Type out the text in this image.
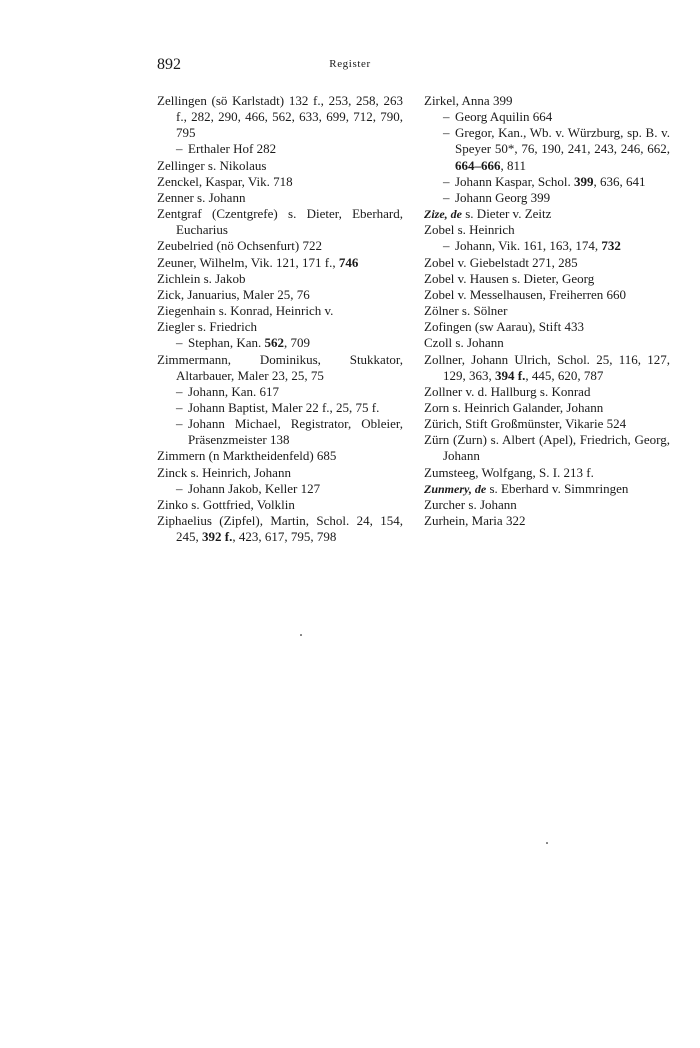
892	Register
Zellingen (sö Karlstadt) 132 f., 253, 258, 263 f., 282, 290, 466, 562, 633, 699, 712, 790, 795
– Erthaler Hof 282
Zellinger s. Nikolaus
Zenckel, Kaspar, Vik. 718
Zenner s. Johann
Zentgraf (Czentgrefe) s. Dieter, Eberhard, Eucharius
Zeubelried (nö Ochsenfurt) 722
Zeuner, Wilhelm, Vik. 121, 171 f., 746
Zichlein s. Jakob
Zick, Januarius, Maler 25, 76
Ziegenhain s. Konrad, Heinrich v.
Ziegler s. Friedrich
– Stephan, Kan. 562, 709
Zimmermann, Dominikus, Stukkator, Altarbauer, Maler 23, 25, 75
– Johann, Kan. 617
– Johann Baptist, Maler 22 f., 25, 75 f.
– Johann Michael, Registrator, Obleier, Präsenzmeister 138
Zimmern (n Marktheidenfeld) 685
Zinck s. Heinrich, Johann
– Johann Jakob, Keller 127
Zinko s. Gottfried, Volklin
Ziphaelius (Zipfel), Martin, Schol. 24, 154, 245, 392 f., 423, 617, 795, 798
Zirkel, Anna 399
– Georg Aquilin 664
– Gregor, Kan., Wb. v. Würzburg, sp. B. v. Speyer 50*, 76, 190, 241, 243, 246, 662, 664–666, 811
– Johann Kaspar, Schol. 399, 636, 641
– Johann Georg 399
Zize, de s. Dieter v. Zeitz
Zobel s. Heinrich
– Johann, Vik. 161, 163, 174, 732
Zobel v. Giebelstadt 271, 285
Zobel v. Hausen s. Dieter, Georg
Zobel v. Messelhausen, Freiherren 660
Zölner s. Sölner
Zofingen (sw Aarau), Stift 433
Czoll s. Johann
Zollner, Johann Ulrich, Schol. 25, 116, 127, 129, 363, 394 f., 445, 620, 787
Zollner v. d. Hallburg s. Konrad
Zorn s. Heinrich Galander, Johann
Zürich, Stift Großmünster, Vikarie 524
Zürn (Zurn) s. Albert (Apel), Friedrich, Georg, Johann
Zumsteeg, Wolfgang, S. I. 213 f.
Zunmery, de s. Eberhard v. Simmringen
Zurcher s. Johann
Zurhein, Maria 322
